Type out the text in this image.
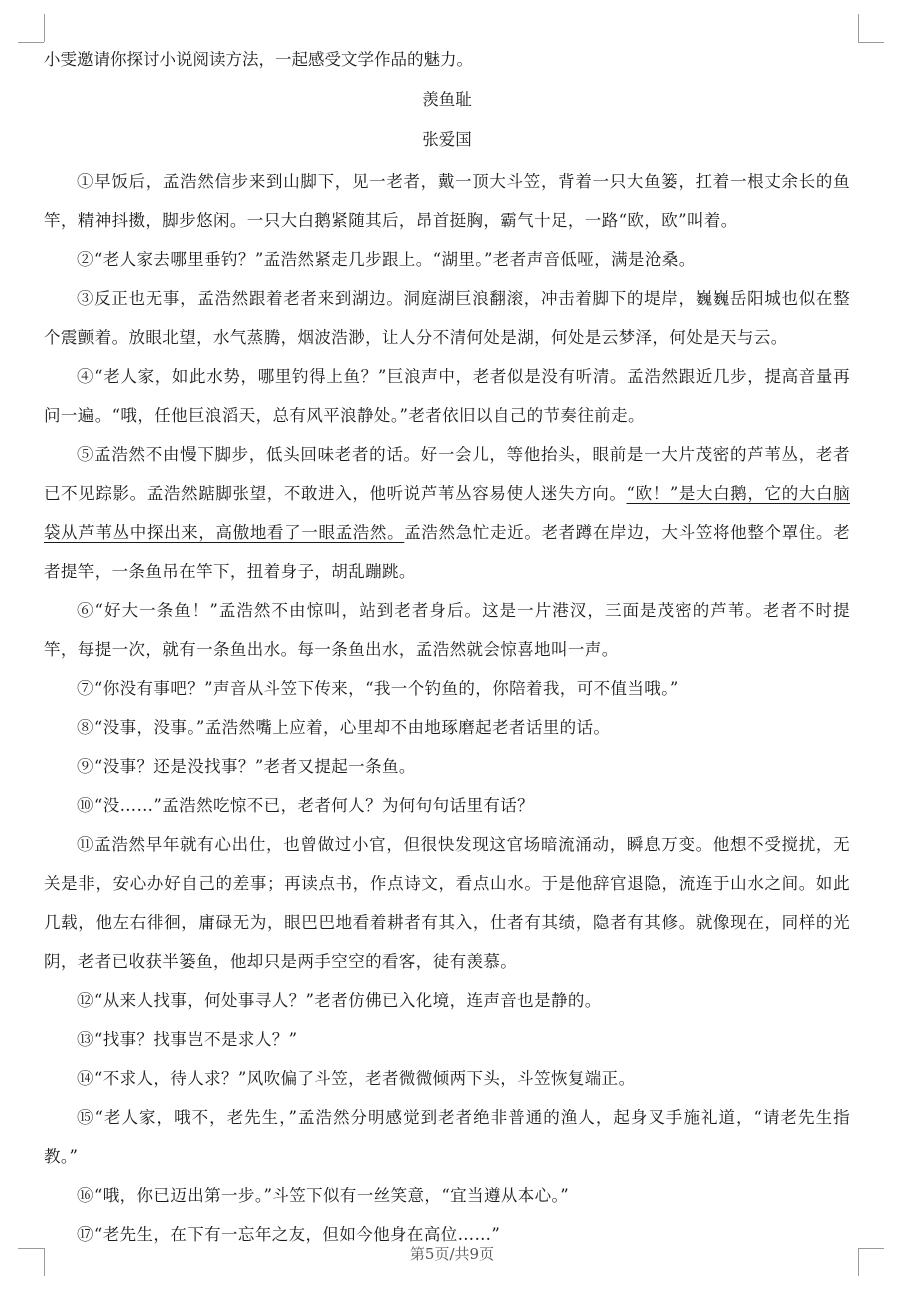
小雯邀请你探讨小说阅读方法，一起感受文学作品的魅力。

羡鱼耻

张爱国

①早饭后，孟浩然信步来到山脚下，见一老者，戴一顶大斗笠，背着一只大鱼篓，扛着一根丈余长的鱼竿，精神抖擞，脚步悠闲。一只大白鹅紧随其后，昂首挺胸，霸气十足，一路“欧，欧”叫着。

②“老人家去哪里垂钓？”孟浩然紧走几步跟上。“湖里。”老者声音低哑，满是沧桑。

③反正也无事，孟浩然跟着老者来到湖边。洞庭湖巨浪翻滚，冲击着脚下的堤岸，巍巍岳阳城也似在整个震颤着。放眼北望，水气蒸腾，烟波浩渺，让人分不清何处是湖，何处是云梦泽，何处是天与云。

④“老人家，如此水势，哪里钓得上鱼？”巨浪声中，老者似是没有听清。孟浩然跟近几步，提高音量再问一遍。“哦，任他巨浪滔天，总有风平浪静处。”老者依旧以自己的节奏往前走。

⑤孟浩然不由慢下脚步，低头回味老者的话。好一会儿，等他抬头，眼前是一大片茂密的芦苇丛，老者已不见踪影。孟浩然踮脚张望，不敢进入，他听说芦苇丛容易使人迷失方向。“欧！”是大白鹅，它的大白脑袋从芦苇丛中探出来，高傲地看了一眼孟浩然。孟浩然急忙走近。老者蹲在岸边，大斗笠将他整个罩住。老者提竿，一条鱼吊在竿下，扭着身子，胡乱蹦跳。

⑥“好大一条鱼！”孟浩然不由惊叫，站到老者身后。这是一片港汊，三面是茂密的芦苇。老者不时提竿，每提一次，就有一条鱼出水。每一条鱼出水，孟浩然就会惊喜地叫一声。

⑦“你没有事吧？”声音从斗笠下传来，“我一个钓鱼的，你陪着我，可不值当哦。”

⑧“没事，没事。”孟浩然嘴上应着，心里却不由地琢磨起老者话里的话。

⑨“没事？还是没找事？”老者又提起一条鱼。

⑩“没……”孟浩然吃惊不已，老者何人？为何句句话里有话？

⑪孟浩然早年就有心出仕，也曾做过小官，但很快发现这官场暗流涌动，瞬息万变。他想不受搅扰，无关是非，安心办好自己的差事；再读点书，作点诗文，看点山水。于是他辞官退隐，流连于山水之间。如此几载，他左右徘徊，庸碌无为，眼巴巴地看着耕者有其入，仕者有其绩，隐者有其修。就像现在，同样的光阴，老者已收获半篓鱼，他却只是两手空空的看客，徒有羡慕。

⑫“从来人找事，何处事寻人？”老者仿佛已入化境，连声音也是静的。

⑬“找事？找事岂不是求人？”

⑭“不求人，待人求？”风吹偏了斗笠，老者微微倾两下头，斗笠恢复端正。

⑮“老人家，哦不，老先生，”孟浩然分明感觉到老者绝非普通的渔人，起身叉手施礼道，“请老先生指教。”

⑯“哦，你已迈出第一步。”斗笠下似有一丝笑意，“宜当遵从本心。”

⑰“老先生，在下有一忘年之友，但如今他身在高位……”

第5页/共9页
